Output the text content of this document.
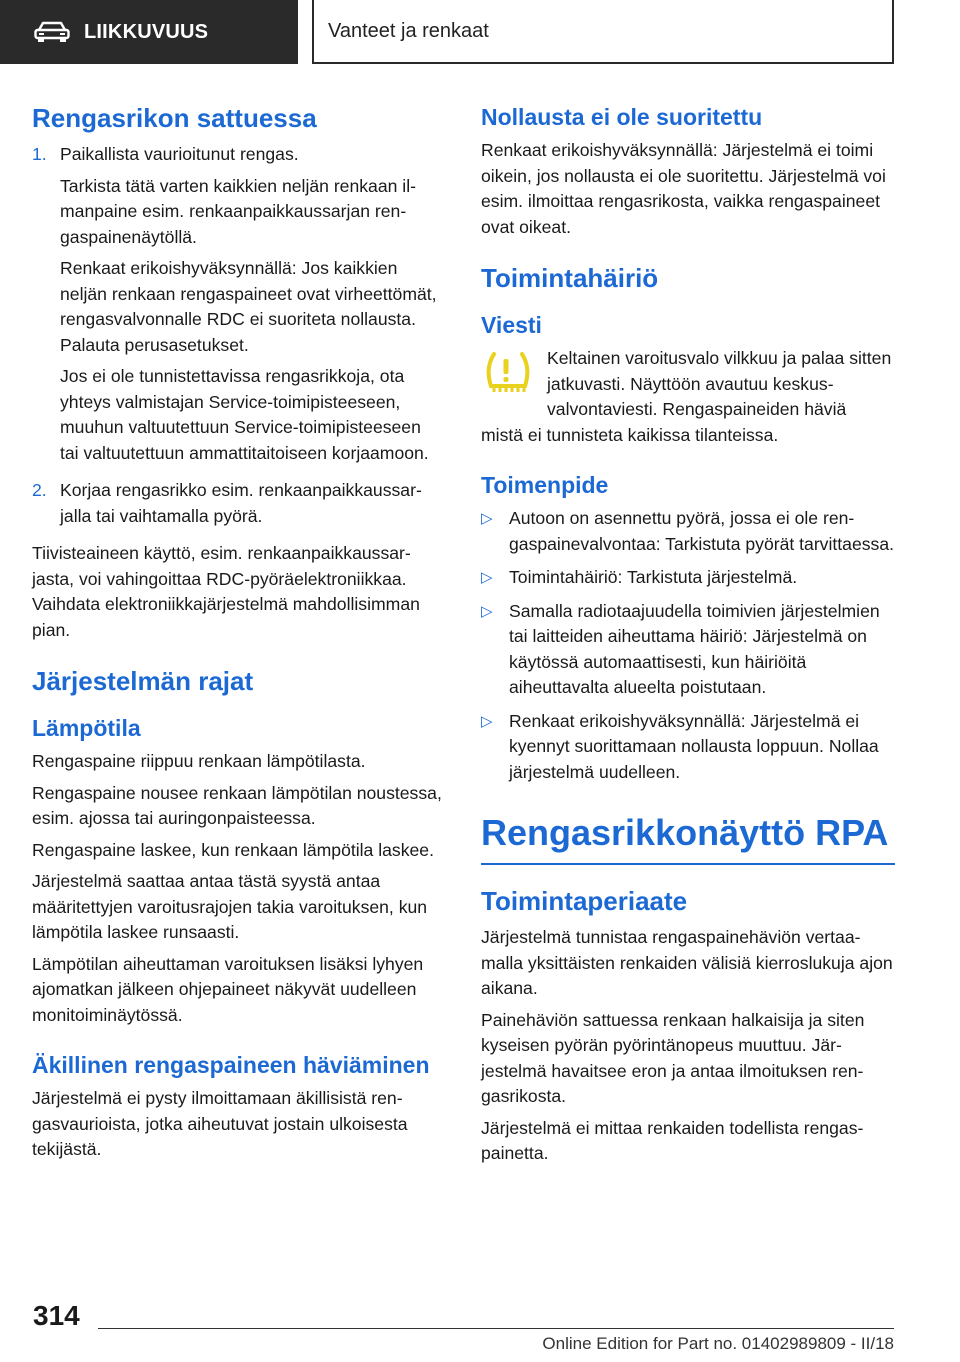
LIIKKUVUUS	Vanteet ja renkaat
Rengasrikon sattuessa
1. Paikallista vaurioitunut rengas.

Tarkista tätä varten kaikkien neljän renkaan ilmanpaine esim. renkaanpaikkaussarjan rengaspainenäytöllä.

Renkaat erikoishyväksynnällä: Jos kaikkien neljän renkaan rengaspaineet ovat virheettömät, rengasvalvonnalle RDC ei suoriteta nollausta. Palauta perusasetukset.

Jos ei ole tunnistettavissa rengasrikkoja, ota yhteys valmistajan Service-toimipisteeseen, muuhun valtuutettuun Service-toimipisteeseen tai valtuutettuun ammattitaitoiseen korjaamoon.

2. Korjaa rengasrikko esim. renkaanpaikkaussarjalla tai vaihtamalla pyörä.

Tiivisteaineen käyttö, esim. renkaanpaikkaussarjasta, voi vahingoittaa RDC-pyöräelektroniikkaa. Vaihdata elektroniikkajärjestelmä mahdollisimman pian.

Järjestelmän rajat
Lämpötila

Rengaspaine riippuu renkaan lämpötilasta.

Rengaspaine nousee renkaan lämpötilan noustessa, esim. ajossa tai auringonpaisteessa.

Rengaspaine laskee, kun renkaan lämpötila laskee.

Järjestelmä saattaa antaa tästä syystä antaa määritettyjen varoitusrajojen takia varoituksen, kun lämpötila laskee runsaasti.

Lämpötilan aiheuttaman varoituksen lisäksi lyhyen ajomatkan jälkeen ohjepaineet näkyvät uudelleen monitoiminäytössä.

Äkillinen rengaspaineen häviäminen

Järjestelmä ei pysty ilmoittamaan äkillisistä rengasvaurioista, jotka aiheutuvat jostain ulkoisesta tekijästä.

Nollausta ei ole suoritettu

Renkaat erikoishyväksynnällä: Järjestelmä ei toimi oikein, jos nollausta ei ole suoritettu. Järjestelmä voi esim. ilmoittaa rengasrikosta, vaikka rengaspaineet ovat oikeat.

Toimintahäiriö
Viesti

Keltainen varoitusvalo vilkkuu ja palaa sitten jatkuvasti. Näyttöön avautuu keskusvalvontaviesti. Rengaspaineiden häviä

mistä ei tunnisteta kaikissa tilanteissa.

Toimenpide
▷ Autoon on asennettu pyörä, jossa ei ole rengaspainevalvontaa: Tarkistuta pyörät tarvittaessa.

▷ Toimintahäiriö: Tarkistuta järjestelmä.

▷ Samalla radiotaajuudella toimivien järjestelmien tai laitteiden aiheuttama häiriö: Järjestelmä on käytössä automaattisesti, kun häiriöitä aiheuttavalta alueelta poistutaan.

▷ Renkaat erikoishyväksynnällä: Järjestelmä ei kyennyt suorittamaan nollausta loppuun. Nollaa järjestelmä uudelleen.

Rengasrikkonäyttö RPA
Toimintaperiaate

Järjestelmä tunnistaa rengaspainehäviön vertaamalla yksittäisten renkaiden välisiä kierroslukuja ajon aikana.

Painehäviön sattuessa renkaan halkaisija ja siten kyseisen pyörän pyörintänopeus muuttuu. Järjestelmä havaitsee eron ja antaa ilmoituksen rengasrikosta.

Järjestelmä ei mittaa renkaiden todellista rengaspainetta.

314
Online Edition for Part no. 01402989809 - II/18
